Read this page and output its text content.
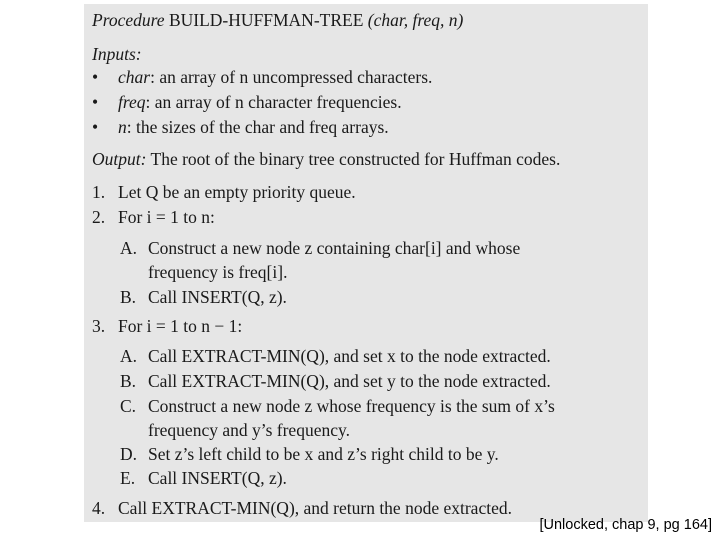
Procedure BUILD-HUFFMAN-TREE (char, freq, n)
Inputs:
• char: an array of n uncompressed characters.
• freq: an array of n character frequencies.
• n: the sizes of the char and freq arrays.
Output: The root of the binary tree constructed for Huffman codes.
1. Let Q be an empty priority queue.
2. For i = 1 to n:
A. Construct a new node z containing char[i] and whose
frequency is freq[i].
B. Call INSERT(Q, z).
3. For i = 1 to n − 1:
A. Call EXTRACT-MIN(Q), and set x to the node extracted.
B. Call EXTRACT-MIN(Q), and set y to the node extracted.
C. Construct a new node z whose frequency is the sum of x’s
frequency and y’s frequency.
D. Set z’s left child to be x and z’s right child to be y.
E. Call INSERT(Q, z).
4. Call EXTRACT-MIN(Q), and return the node extracted.
[Unlocked, chap 9, pg 164]
